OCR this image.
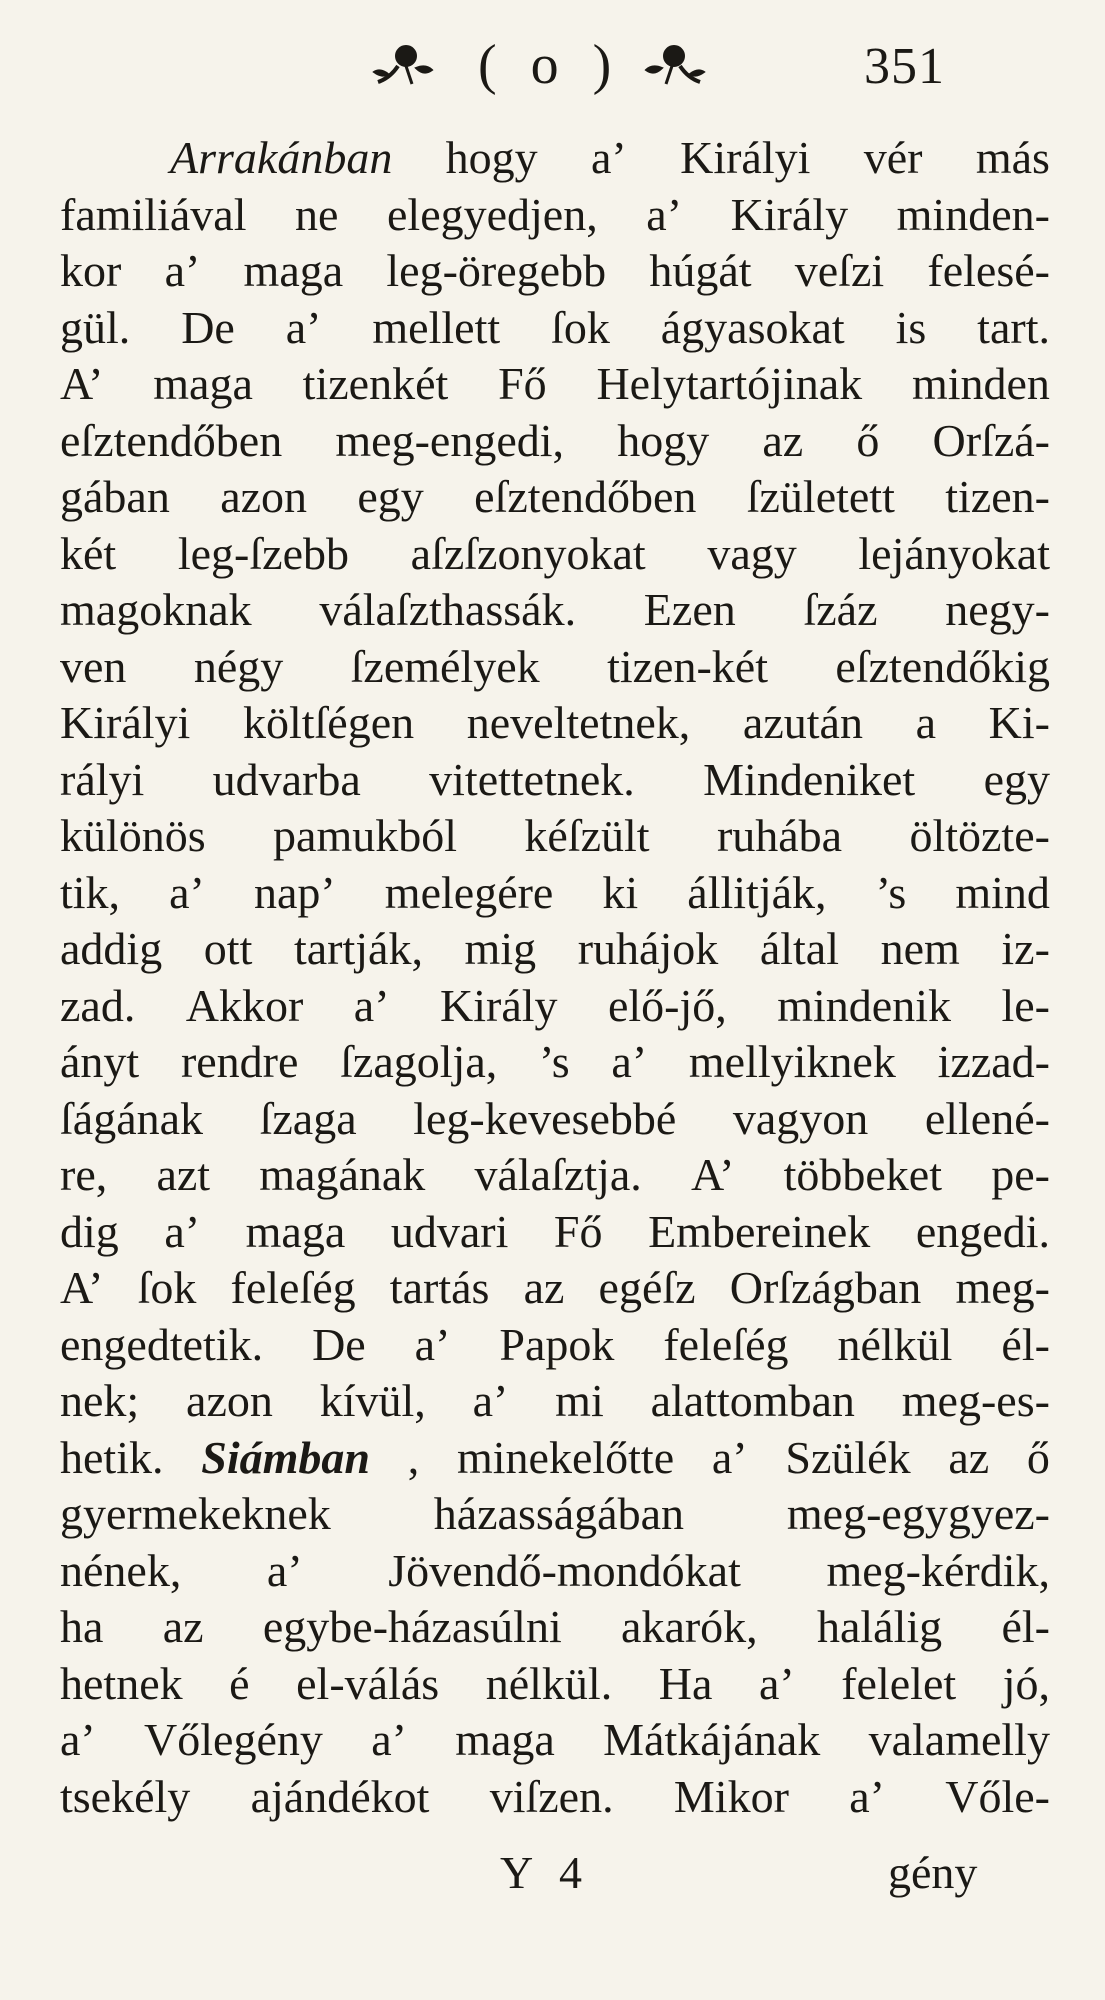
( o )	351
Arrakánban hogy a’ Királyi vér más
familiával ne elegyedjen, a’ Király minden-
kor a’ maga leg-öregebb húgát veſzi felesé-
gül. De a’ mellett ſok ágyasokat is tart.
A’ maga tizenkét Fő Helytartójinak minden
eſztendőben meg-engedi, hogy az ő Orſzá-
gában azon egy eſztendőben ſzületett tizen-
két leg-ſzebb aſzſzonyokat vagy lejányokat
magoknak válaſzthassák. Ezen ſzáz negy-
ven négy ſzemélyek tizen-két eſztendőkig
Királyi költſégen neveltetnek, azután a Ki-
rályi udvarba vitettetnek. Mindeniket egy
különös pamukból kéſzült ruhába öltözte-
tik, a’ nap’ melegére ki állitják, ’s mind
addig ott tartják, mig ruhájok által nem iz-
zad. Akkor a’ Király elő-jő, mindenik le-
ányt rendre ſzagolja, ’s a’ mellyiknek izzad-
ſágának ſzaga leg-kevesebbé vagyon ellené-
re, azt magának válaſztja. A’ többeket pe-
dig a’ maga udvari Fő Embereinek engedi.
A’ ſok feleſég tartás az egéſz Orſzágban meg-
engedtetik. De a’ Papok feleſég nélkül él-
nek; azon kívül, a’ mi alattomban meg-es-
hetik. Siámban , minekelőtte a’ Szülék az ő
gyermekeknek házasságában meg-egygyez-
nének, a’ Jövendő-mondókat meg-kérdik,
ha az egybe-házasúlni akarók, halálig él-
hetnek é el-válás nélkül. Ha a’ felelet jó,
a’ Vőlegény a’ maga Mátkájának valamelly
tsekély ajándékot viſzen. Mikor a’ Vőle-
Y 4	gény
